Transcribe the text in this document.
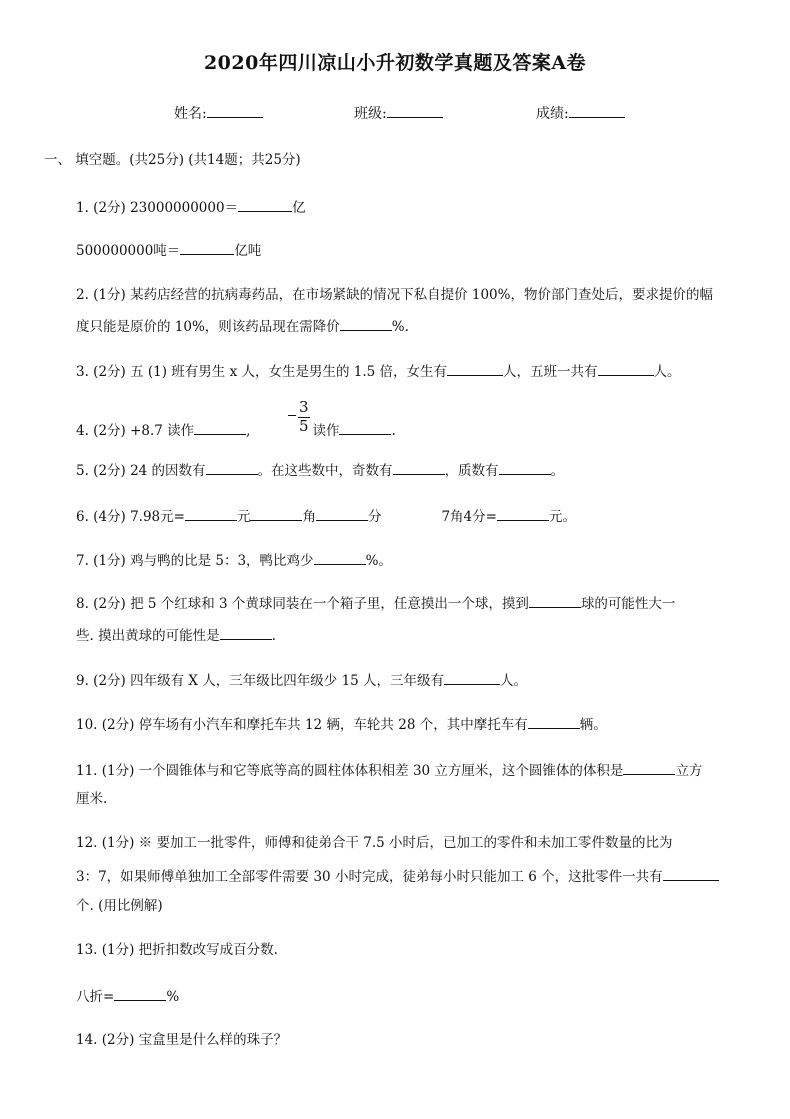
2020年四川凉山小升初数学真题及答案A卷
姓名:	班级:	成绩:
一、 填空题。(共25分) (共14题；共25分)
1. (2分) 23000000000＝	亿
500000000吨＝	亿吨
2. (1分) 某药店经营的抗病毒药品，在市场紧缺的情况下私自提价 100%，物价部门查处后，要求提价的幅
度只能是原价的 10%，则该药品现在需降价	%.
3. (2分) 五 (1) 班有男生 x 人，女生是男生的 1.5 倍，女生有	人，五班一共有	人。
4. (2分) +8.7 读作	,	读作	.
3
5
5. (2分) 24 的因数有	。在这些数中，奇数有	，质数有	。
6. (4分) 7.98元=	元	角	分	7角4分=	元。
7. (1分) 鸡与鸭的比是 5：3，鸭比鸡少	%。
8. (2分) 把 5 个红球和 3 个黄球同装在一个箱子里，任意摸出一个球，摸到	球的可能性大一
些. 摸出黄球的可能性是	.
9. (2分) 四年级有 X 人，三年级比四年级少 15 人，三年级有	人。
10. (2分) 停车场有小汽车和摩托车共 12 辆，车轮共 28 个，其中摩托车有	辆。
11. (1分) 一个圆锥体与和它等底等高的圆柱体体积相差 30 立方厘米，这个圆锥体的体积是	立方
厘米.
12. (1分) ※ 要加工一批零件，师傅和徒弟合干 7.5 小时后，已加工的零件和未加工零件数量的比为
3：7，如果师傅单独加工全部零件需要 30 小时完成，徒弟每小时只能加工 6 个，这批零件一共有
个. (用比例解)
13. (1分) 把折扣数改写成百分数.
八折=	%
14. (2分) 宝盒里是什么样的珠子？
